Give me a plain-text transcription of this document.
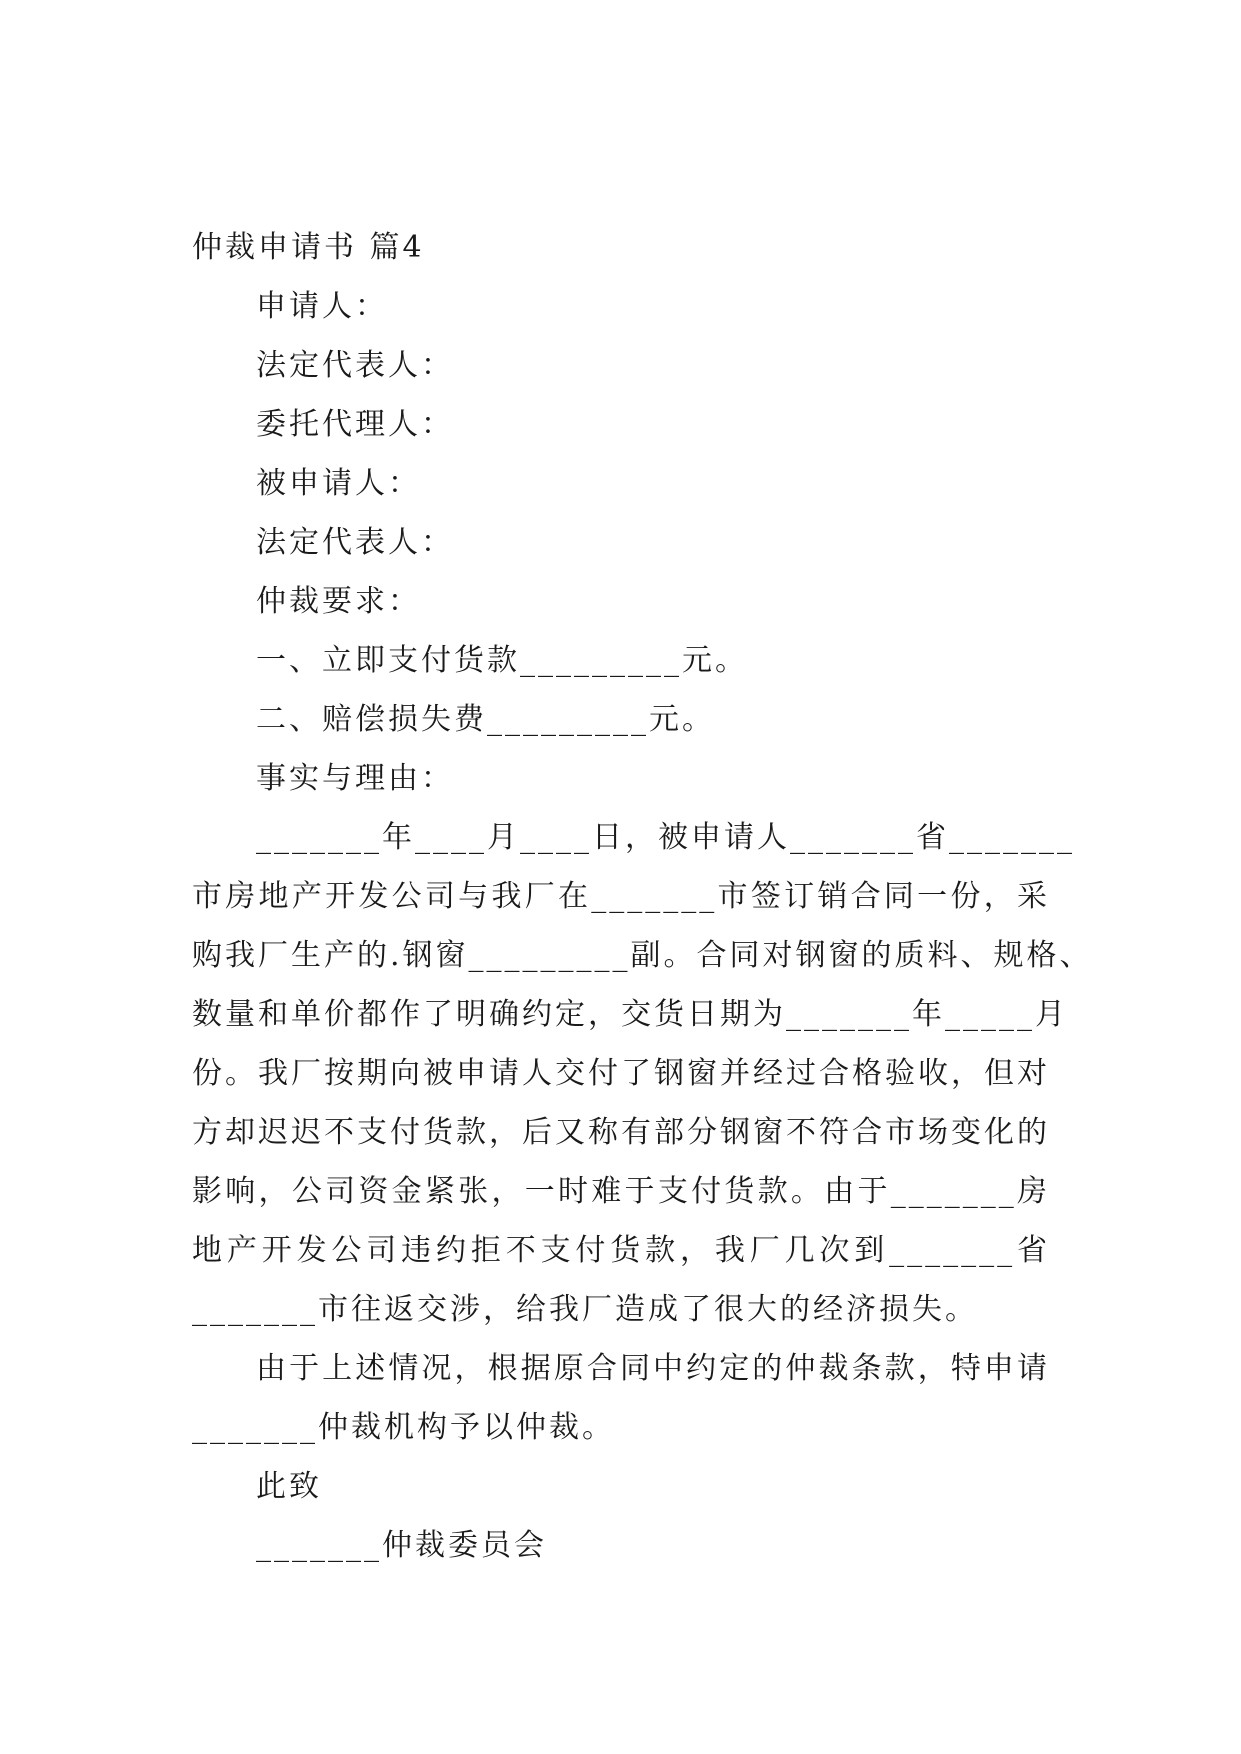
仲裁申请书 篇4
申请人：
法定代表人：
委托代理人：
被申请人：
法定代表人：
仲裁要求：
一、立即支付货款_________元。
二、赔偿损失费_________元。
事实与理由：
_______年____月____日，被申请人_______省_______
市房地产开发公司与我厂在_______市签订销合同一份，采
购我厂生产的.钢窗_________副。合同对钢窗的质料、规格、
数量和单价都作了明确约定，交货日期为_______年_____月
份。我厂按期向被申请人交付了钢窗并经过合格验收，但对
方却迟迟不支付货款，后又称有部分钢窗不符合市场变化的
影响，公司资金紧张，一时难于支付货款。由于_______房
地产开发公司违约拒不支付货款，我厂几次到_______省
_______市往返交涉，给我厂造成了很大的经济损失。
由于上述情况，根据原合同中约定的仲裁条款，特申请
_______仲裁机构予以仲裁。
此致
_______仲裁委员会
